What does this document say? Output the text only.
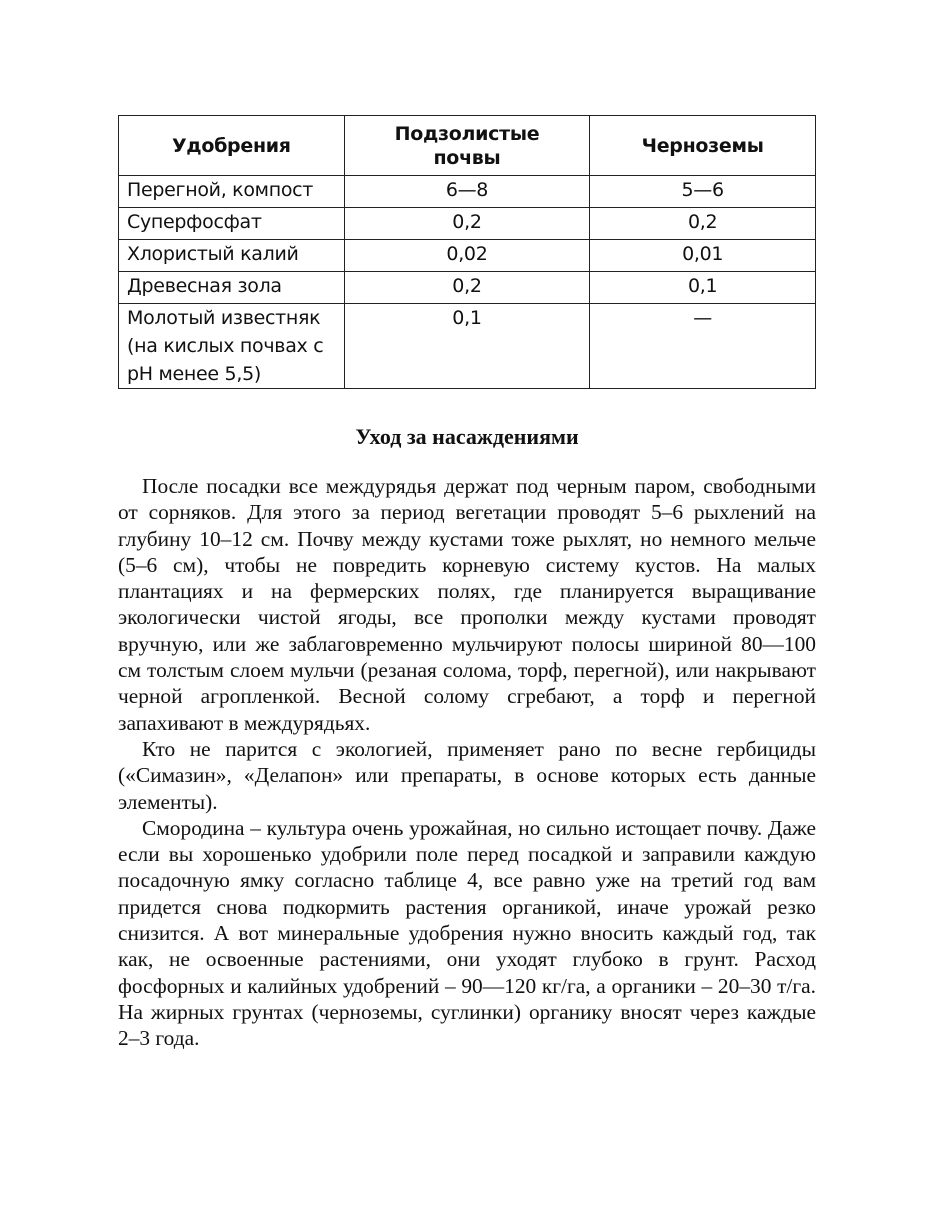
Удобрения	Подзолистые почвы	Черноземы
Перегной, компост	6—8	5—6
Суперфосфат	0,2	0,2
Хлористый калий	0,02	0,01
Древесная зола	0,2	0,1
Молотый известняк (на кислых почвах с pH менее 5,5)	0,1	—
Уход за насаждениями

После посадки все междурядья держат под черным паром, свободными от сорняков. Для этого за период вегетации проводят 5–6 рыхлений на глубину 10–12 см. Почву между кустами тоже рыхлят, но немного мельче (5–6 см), чтобы не повредить корневую систему кустов. На малых плантациях и на фермерских полях, где планируется выращивание экологически чистой ягоды, все прополки между кустами проводят вручную, или же заблаговременно мульчируют полосы шириной 80—100 см толстым слоем мульчи (резаная солома, торф, перегной), или накрывают черной агропленкой. Весной солому сгребают, а торф и перегной запахивают в междурядьях.

Кто не парится с экологией, применяет рано по весне гербициды («Симазин», «Делапон» или препараты, в основе которых есть данные элементы).

Смородина – культура очень урожайная, но сильно истощает почву. Даже если вы хорошенько удобрили поле перед посадкой и заправили каждую посадочную ямку согласно таблице 4, все равно уже на третий год вам придется снова подкормить растения органикой, иначе урожай резко снизится. А вот минеральные удобрения нужно вносить каждый год, так как, не освоенные растениями, они уходят глубоко в грунт. Расход фосфорных и калийных удобрений – 90—120 кг/га, а органики – 20–30 т/га. На жирных грунтах (черноземы, суглинки) органику вносят через каждые 2–3 года.
